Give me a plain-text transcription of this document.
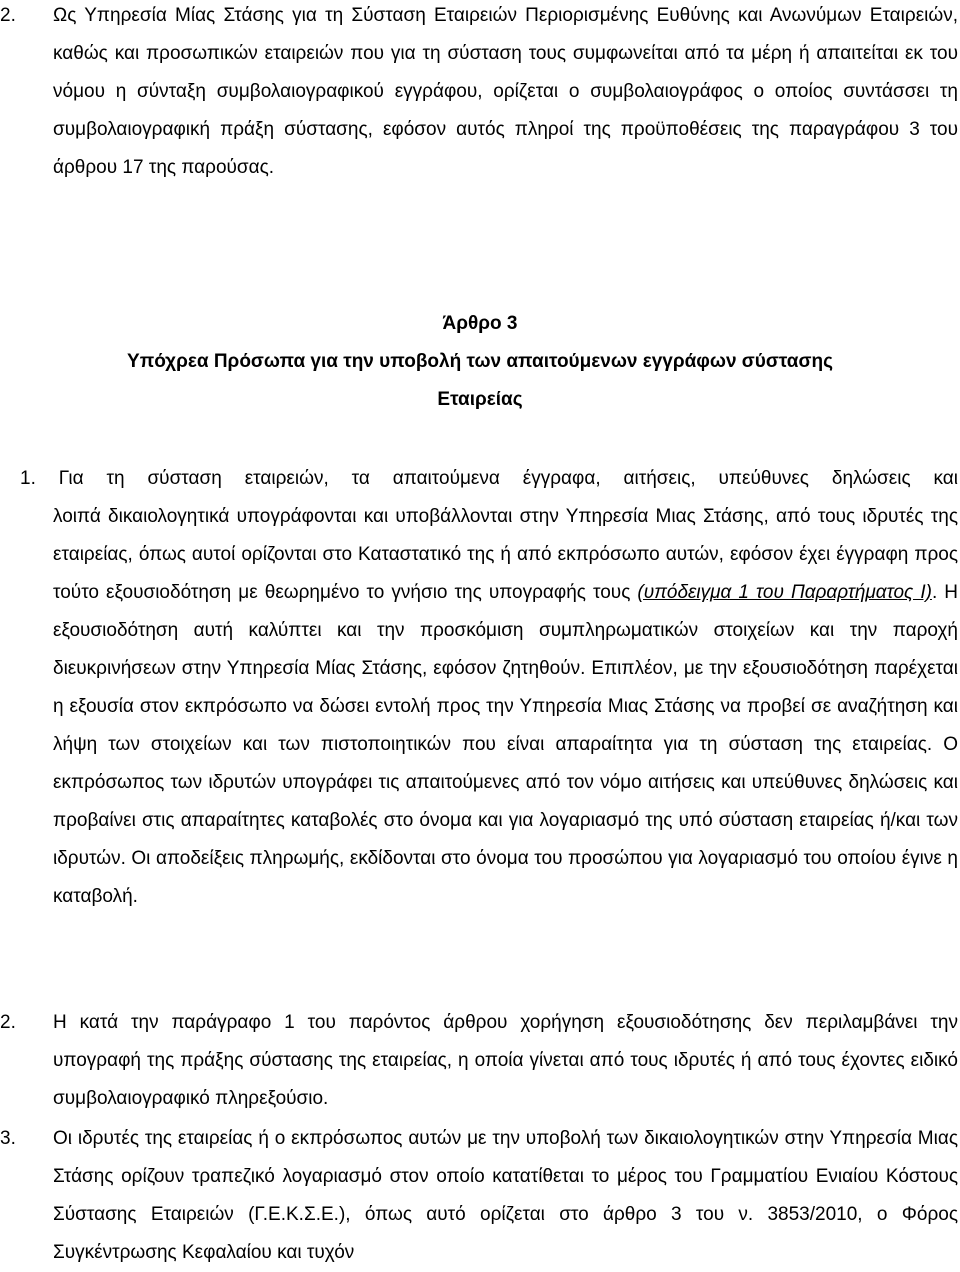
2. Ως Υπηρεσία Μίας Στάσης για τη Σύσταση Εταιρειών Περιορισμένης Ευθύνης και Ανωνύμων Εταιρειών, καθώς και προσωπικών εταιρειών που για τη σύσταση τους συμφωνείται από τα μέρη ή απαιτείται εκ του νόμου η σύνταξη συμβολαιογραφικού εγγράφου, ορίζεται ο συμβολαιογράφος ο οποίος συντάσσει τη συμβολαιογραφική πράξη σύστασης, εφόσον αυτός πληροί της προϋποθέσεις της παραγράφου 3 του άρθρου 17 της παρούσας.

Άρθρο 3
Υπόχρεα Πρόσωπα για την υποβολή των απαιτούμενων εγγράφων σύστασης
Εταιρείας

1. Για τη σύσταση εταιρειών, τα απαιτούμενα έγγραφα, αιτήσεις, υπεύθυνες δηλώσεις και

λοιπά δικαιολογητικά υπογράφονται και υποβάλλονται στην Υπηρεσία Μιας Στάσης, από τους ιδρυτές της εταιρείας, όπως αυτοί ορίζονται στο Καταστατικό της ή από εκπρόσωπο αυτών, εφόσον έχει έγγραφη προς τούτο εξουσιοδότηση με θεωρημένο το γνήσιο της υπογραφής τους (υπόδειγμα 1 του Παραρτήματος Ι). Η εξουσιοδότηση αυτή καλύπτει και την προσκόμιση συμπληρωματικών στοιχείων και την παροχή διευκρινήσεων στην Υπηρεσία Μίας Στάσης, εφόσον ζητηθούν. Επιπλέον, με την εξουσιοδότηση παρέχεται η εξουσία στον εκπρόσωπο να δώσει εντολή προς την Υπηρεσία Μιας Στάσης να προβεί σε αναζήτηση και λήψη των στοιχείων και των πιστοποιητικών που είναι απαραίτητα για τη σύσταση της εταιρείας. Ο εκπρόσωπος των ιδρυτών υπογράφει τις απαιτούμενες από τον νόμο αιτήσεις και υπεύθυνες δηλώσεις και προβαίνει στις απαραίτητες καταβολές στο όνομα και για λογαριασμό της υπό σύσταση εταιρείας ή/και των ιδρυτών. Οι αποδείξεις πληρωμής, εκδίδονται στο όνομα του προσώπου για λογαριασμό του οποίου έγινε η καταβολή.

2. Η κατά την παράγραφο 1 του παρόντος άρθρου χορήγηση εξουσιοδότησης δεν περιλαμβάνει την υπογραφή της πράξης σύστασης της εταιρείας, η οποία γίνεται από τους ιδρυτές ή από τους έχοντες ειδικό συμβολαιογραφικό πληρεξούσιο.

3. Οι ιδρυτές της εταιρείας ή ο εκπρόσωπος αυτών με την υποβολή των δικαιολογητικών στην Υπηρεσία Μιας Στάσης ορίζουν τραπεζικό λογαριασμό στον οποίο κατατίθεται το μέρος του Γραμματίου Ενιαίου Κόστους Σύστασης Εταιρειών (Γ.Ε.Κ.Σ.Ε.), όπως αυτό ορίζεται στο άρθρο 3 του ν. 3853/2010, ο Φόρος Συγκέντρωσης Κεφαλαίου και τυχόν
